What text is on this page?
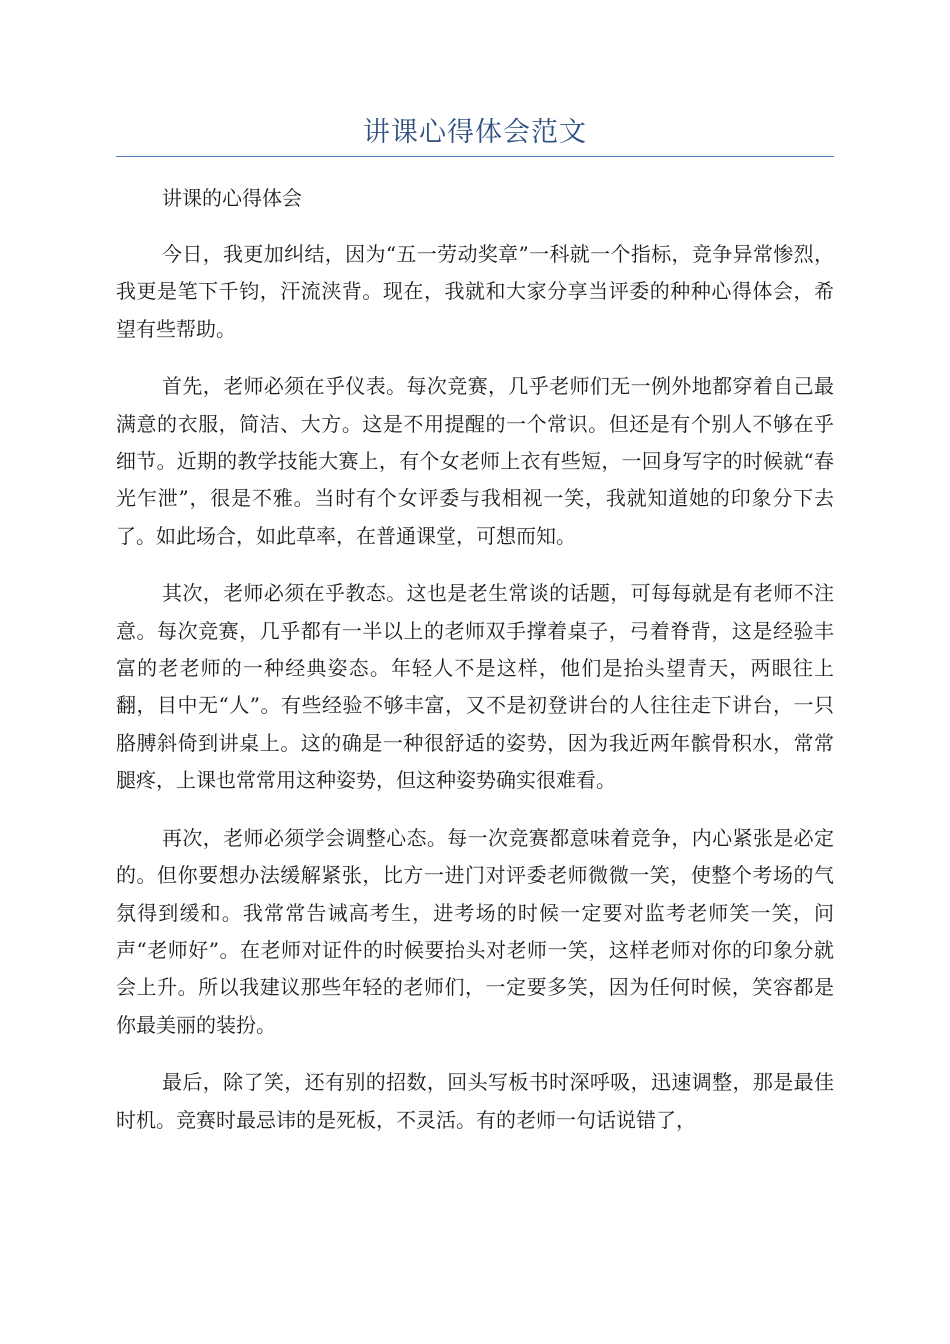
讲课心得体会范文

讲课的心得体会

今日，我更加纠结，因为“五一劳动奖章”一科就一个指标，竞争异常惨烈，我更是笔下千钧，汗流浃背。现在，我就和大家分享当评委的种种心得体会，希望有些帮助。

首先，老师必须在乎仪表。每次竞赛，几乎老师们无一例外地都穿着自己最满意的衣服，简洁、大方。这是不用提醒的一个常识。但还是有个别人不够在乎细节。近期的教学技能大赛上，有个女老师上衣有些短，一回身写字的时候就“春光乍泄”，很是不雅。当时有个女评委与我相视一笑，我就知道她的印象分下去了。如此场合，如此草率，在普通课堂，可想而知。

其次，老师必须在乎教态。这也是老生常谈的话题，可每每就是有老师不注意。每次竞赛，几乎都有一半以上的老师双手撑着桌子，弓着脊背，这是经验丰富的老老师的一种经典姿态。年轻人不是这样，他们是抬头望青天，两眼往上翻，目中无“人”。有些经验不够丰富，又不是初登讲台的人往往走下讲台，一只胳膊斜倚到讲桌上。这的确是一种很舒适的姿势，因为我近两年髌骨积水，常常腿疼，上课也常常用这种姿势，但这种姿势确实很难看。

再次，老师必须学会调整心态。每一次竞赛都意味着竞争，内心紧张是必定的。但你要想办法缓解紧张，比方一进门对评委老师微微一笑，使整个考场的气氛得到缓和。我常常告诫高考生，进考场的时候一定要对监考老师笑一笑，问声“老师好”。在老师对证件的时候要抬头对老师一笑，这样老师对你的印象分就会上升。所以我建议那些年轻的老师们，一定要多笑，因为任何时候，笑容都是你最美丽的装扮。

最后，除了笑，还有别的招数，回头写板书时深呼吸，迅速调整，那是最佳时机。竞赛时最忌讳的是死板，不灵活。有的老师一句话说错了，
